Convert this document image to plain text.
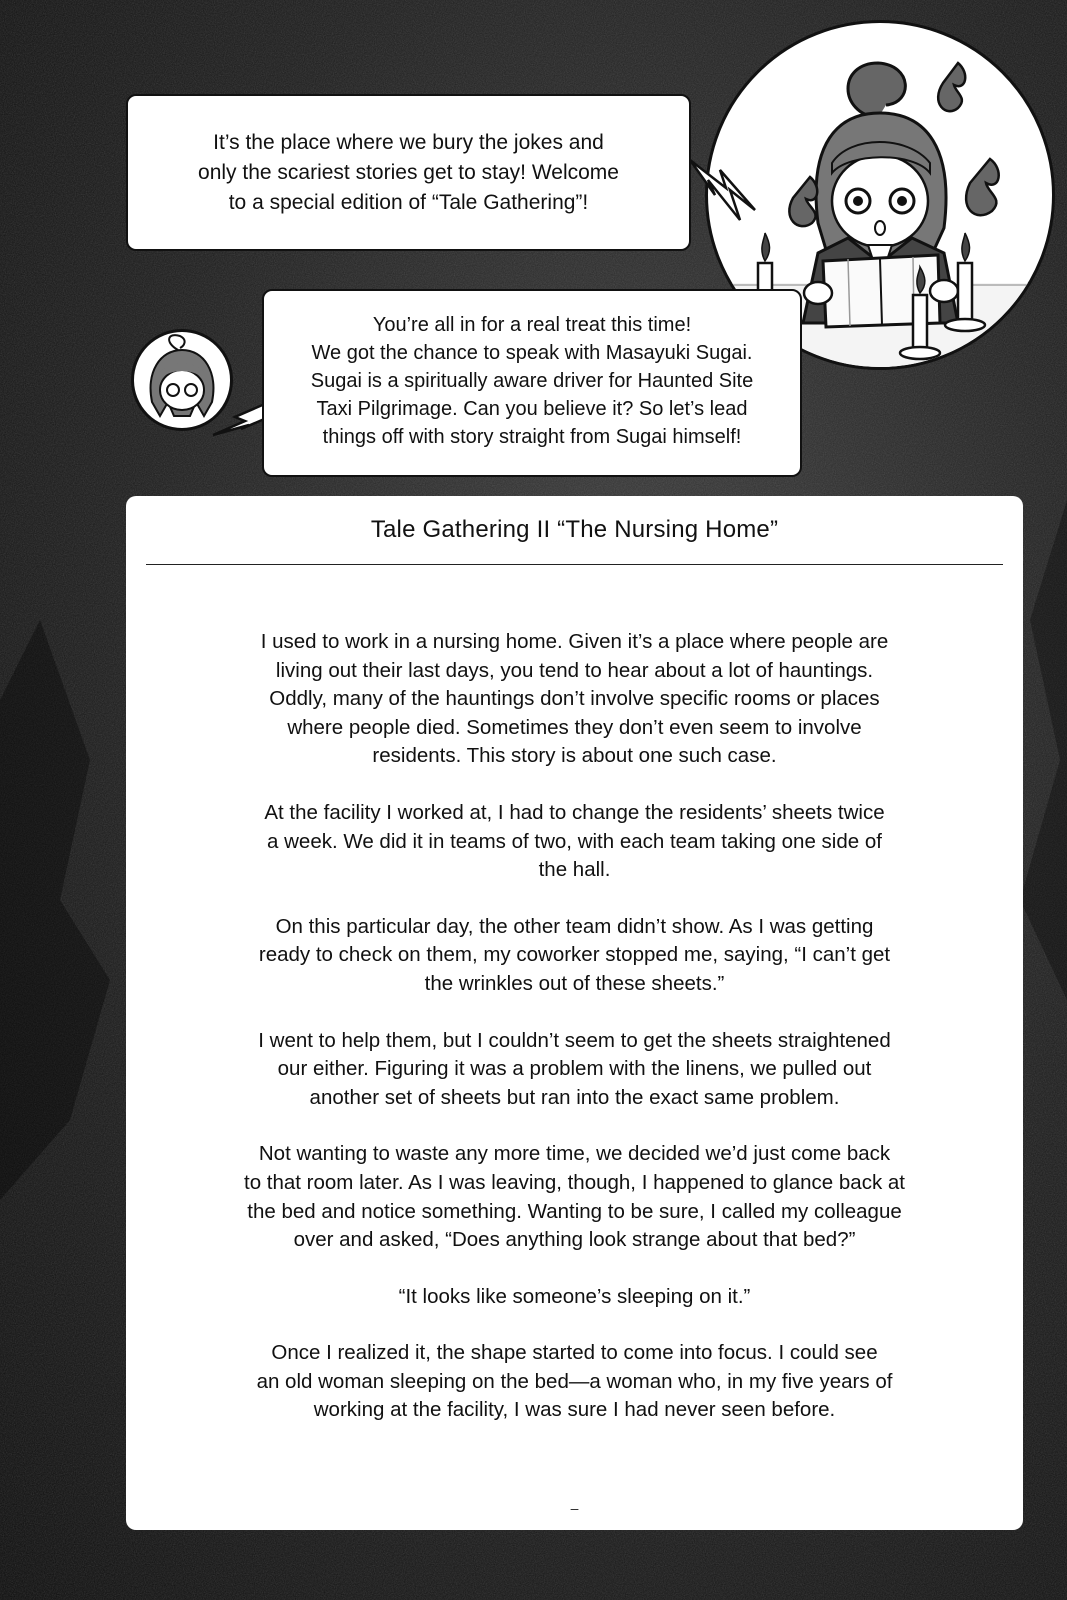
It’s the place where we bury the jokes and
only the scariest stories get to stay! Welcome
to a special edition of “Tale Gathering”!
You’re all in for a real treat this time!
We got the chance to speak with Masayuki Sugai.
Sugai is a spiritually aware driver for Haunted Site
Taxi Pilgrimage. Can you believe it? So let’s lead
things off with story straight from Sugai himself!
Tale Gathering II “The Nursing Home”

I used to work in a nursing home. Given it’s a place where people are
living out their last days, you tend to hear about a lot of hauntings.
Oddly, many of the hauntings don’t involve specific rooms or places
where people died. Sometimes they don’t even seem to involve
residents. This story is about one such case.

At the facility I worked at, I had to change the residents’ sheets twice
a week. We did it in teams of two, with each team taking one side of
the hall.

On this particular day, the other team didn’t show. As I was getting
ready to check on them, my coworker stopped me, saying, “I can’t get
the wrinkles out of these sheets.”

I went to help them, but I couldn’t seem to get the sheets straightened
our either. Figuring it was a problem with the linens, we pulled out
another set of sheets but ran into the exact same problem.

Not wanting to waste any more time, we decided we’d just come back
to that room later. As I was leaving, though, I happened to glance back at
the bed and notice something. Wanting to be sure, I called my colleague
over and asked, “Does anything look strange about that bed?”

“It looks like someone’s sleeping on it.”

Once I realized it, the shape started to come into focus. I could see
an old woman sleeping on the bed—a woman who, in my five years of
working at the facility, I was sure I had never seen before.

–
